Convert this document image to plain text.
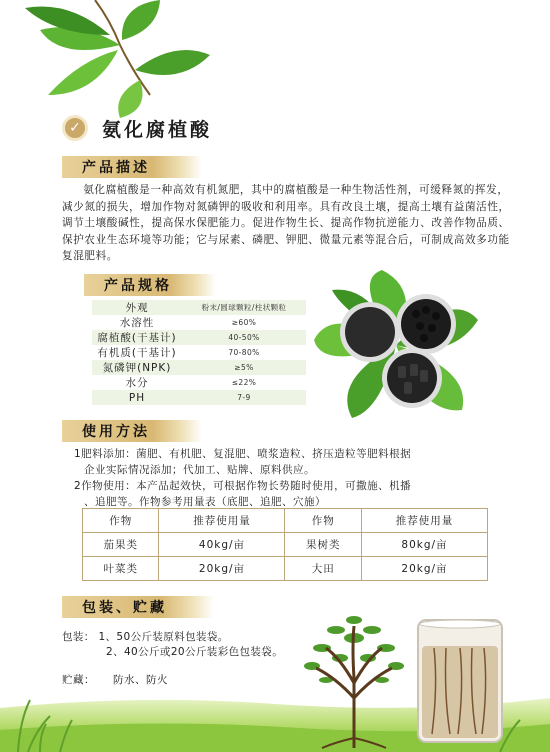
✓	氨化腐植酸
产品描述

氨化腐植酸是一种高效有机氮肥，其中的腐植酸是一种生物活性剂，可缓释氮的挥发，减少氮的损失，增加作物对氮磷钾的吸收和利用率。具有改良土壤，提高土壤有益菌活性，调节土壤酸碱性，提高保水保肥能力。促进作物生长、提高作物抗逆能力、改善作物品质、保护农业生态环境等功能；它与尿素、磷肥、钾肥、微量元素等混合后，可制成高效多功能复混肥料。

产品规格
外观	粉末/圆球颗粒/柱状颗粒
水溶性	≥60%
腐植酸(干基计)	40-50%
有机质(干基计)	70-80%
氮磷钾(NPK)	≥5%
水分	≤22%
PH	7-9
使用方法
1肥料添加：菌肥、有机肥、复混肥、喷浆造粒、挤压造粒等肥料根据
企业实际情况添加；代加工、贴牌、原料供应。
2作物使用：本产品起效快，可根据作物长势随时使用，可撒施、机播
、追肥等。作物参考用量表（底肥、追肥、穴施）
作物	推荐使用量	作物	推荐使用量
茄果类	40kg/亩	果树类	80kg/亩
叶菜类	20kg/亩	大田	20kg/亩
包装、贮藏
包装： 1、50公斤装原料包装袋。
2、40公斤或20公斤装彩色包装袋。
贮藏： 防水、防火
